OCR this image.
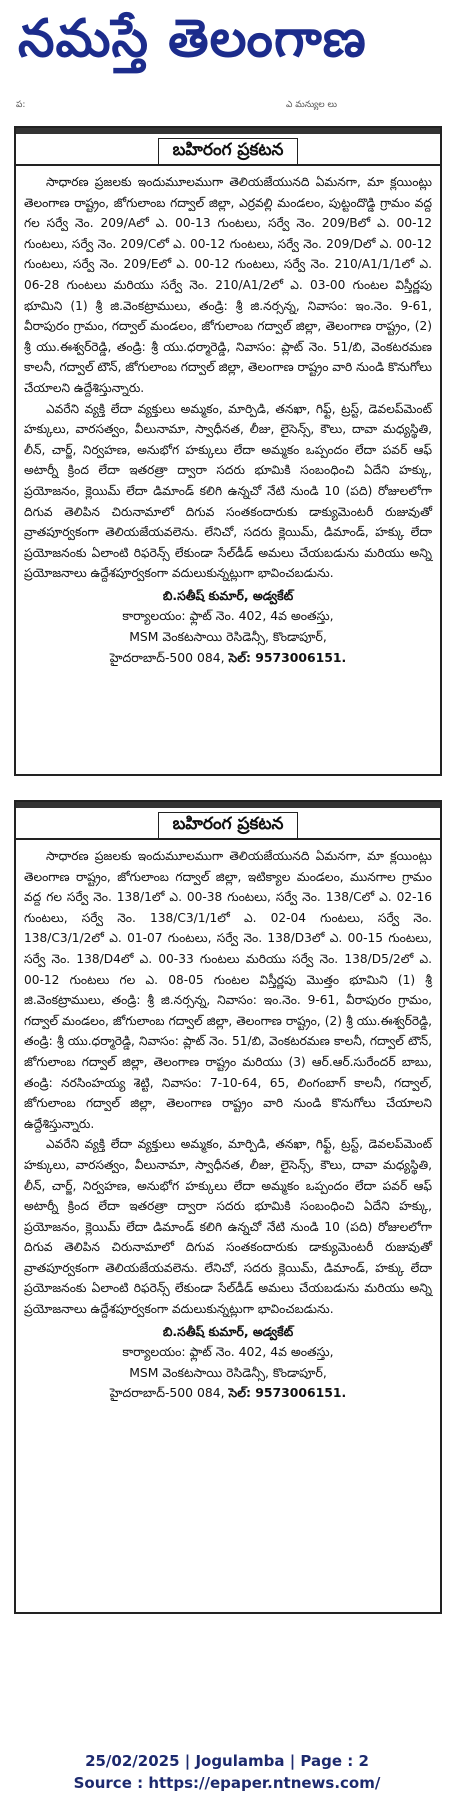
నమస్తే తెలంగాణ
ప:	ఎ మన్యుల లు
బహిరంగ ప్రకటన

సాధారణ ప్రజలకు ఇందుమూలముగా తెలియజేయునది ఏమనగా, మా క్లయింట్లు తెలంగాణ రాష్ట్రం, జోగులాంబ గద్వాల్ జిల్లా, ఎర్రవల్లి మండలం, పుట్టందొడ్డి గ్రామం వద్ద గల సర్వే నెం. 209/Aలో ఎ. 00-13 గుంటలు, సర్వే నెం. 209/Bలో ఎ. 00-12 గుంటలు, సర్వే నెం. 209/Cలో ఎ. 00-12 గుంటలు, సర్వే నెం. 209/Dలో ఎ. 00-12 గుంటలు, సర్వే నెం. 209/Eలో ఎ. 00-12 గుంటలు, సర్వే నెం. 210/A1/1/1లో ఎ. 06-28 గుంటలు మరియు సర్వే నెం. 210/A1/2లో ఎ. 03-00 గుంటల విస్తీర్ణపు భూమిని (1) శ్రీ జి.వెంకట్రాములు, తండ్రి: శ్రీ జి.నర్సన్న, నివాసం: ఇం.నెం. 9-61, వీరాపురం గ్రామం, గద్వాల్ మండలం, జోగులాంబ గద్వాల్ జిల్లా, తెలంగాణ రాష్ట్రం, (2) శ్రీ యు.ఈశ్వర్‌రెడ్డి, తండ్రి: శ్రీ యు.ధర్మారెడ్డి, నివాసం: ప్లాట్ నెం. 51/బి, వెంకటరమణ కాలనీ, గద్వాల్ టౌన్, జోగులాంబ గద్వాల్ జిల్లా, తెలంగాణ రాష్ట్రం వారి నుండి కొనుగోలు చేయాలని ఉద్దేశిస్తున్నారు.

ఎవరేని వ్యక్తి లేదా వ్యక్తులు అమ్మకం, మార్పిడి, తనఖా, గిఫ్ట్, ట్రస్ట్, డెవలప్‌మెంట్ హక్కులు, వారసత్వం, వీలునామా, స్వాధీనత, లీజు, లైసెన్స్, కౌలు, దావా మధ్యస్థితి, లీన్, చార్జ్, నిర్వహణ, అనుభోగ హక్కులు లేదా అమ్మకం ఒప్పందం లేదా పవర్ ఆఫ్ అటార్నీ క్రింద లేదా ఇతరత్రా ద్వారా సదరు భూమికి సంబంధించి ఏదేని హక్కు, ప్రయోజనం, క్లెయిమ్ లేదా డిమాండ్ కలిగి ఉన్నచో నేటి నుండి 10 (పది) రోజులలోగా దిగువ తెలిపిన చిరునామాలో దిగువ సంతకందారుకు డాక్యుమెంటరీ రుజువుతో వ్రాతపూర్వకంగా తెలియజేయవలెను. లేనిచో, సదరు క్లెయిమ్, డిమాండ్, హక్కు లేదా ప్రయోజనంకు ఏలాంటి రిఫరెన్స్ లేకుండా సేల్‌డీడ్ అమలు చేయబడును మరియు అన్ని ప్రయోజనాలు ఉద్దేశపూర్వకంగా వదులుకున్నట్లుగా భావించబడును.

బి.సతీష్ కుమార్, అడ్వకేట్
కార్యాలయం: ఫ్లాట్ నెం. 402, 4వ అంతస్తు,
MSM వెంకటసాయి రెసిడెన్సీ, కొండాపూర్,
హైదరాబాద్-500 084, సెల్: 9573006151.
బహిరంగ ప్రకటన

సాధారణ ప్రజలకు ఇందుమూలముగా తెలియజేయునది ఏమనగా, మా క్లయింట్లు తెలంగాణ రాష్ట్రం, జోగులాంబ గద్వాల్ జిల్లా, ఇటిక్యాల మండలం, మునగాల గ్రామం వద్ద గల సర్వే నెం. 138/1లో ఎ. 00-38 గుంటలు, సర్వే నెం. 138/Cలో ఎ. 02-16 గుంటలు, సర్వే నెం. 138/C3/1/1లో ఎ. 02-04 గుంటలు, సర్వే నెం. 138/C3/1/2లో ఎ. 01-07 గుంటలు, సర్వే నెం. 138/D3లో ఎ. 00-15 గుంటలు, సర్వే నెం. 138/D4లో ఎ. 00-33 గుంటలు మరియు సర్వే నెం. 138/D5/2లో ఎ. 00-12 గుంటలు గల ఎ. 08-05 గుంటల విస్తీర్ణపు మొత్తం భూమిని (1) శ్రీ జి.వెంకట్రాములు, తండ్రి: శ్రీ జి.నర్సన్న, నివాసం: ఇం.నెం. 9-61, వీరాపురం గ్రామం, గద్వాల్ మండలం, జోగులాంబ గద్వాల్ జిల్లా, తెలంగాణ రాష్ట్రం, (2) శ్రీ యు.ఈశ్వర్‌రెడ్డి, తండ్రి: శ్రీ యు.ధర్మారెడ్డి, నివాసం: ప్లాట్ నెం. 51/బి, వెంకటరమణ కాలనీ, గద్వాల్ టౌన్, జోగులాంబ గద్వాల్ జిల్లా, తెలంగాణ రాష్ట్రం మరియు (3) ఆర్.ఆర్.సురేందర్ బాబు, తండ్రి: నరసింహయ్య శెట్టి, నివాసం: 7-10-64, 65, లింగంబాగ్ కాలనీ, గద్వాల్, జోగులాంబ గద్వాల్ జిల్లా, తెలంగాణ రాష్ట్రం వారి నుండి కొనుగోలు చేయాలని ఉద్దేశిస్తున్నారు.

ఎవరేని వ్యక్తి లేదా వ్యక్తులు అమ్మకం, మార్పిడి, తనఖా, గిఫ్ట్, ట్రస్ట్, డెవలప్‌మెంట్ హక్కులు, వారసత్వం, వీలునామా, స్వాధీనత, లీజు, లైసెన్స్, కౌలు, దావా మధ్యస్థితి, లీన్, చార్జ్, నిర్వహణ, అనుభోగ హక్కులు లేదా అమ్మకం ఒప్పందం లేదా పవర్ ఆఫ్ అటార్నీ క్రింద లేదా ఇతరత్రా ద్వారా సదరు భూమికి సంబంధించి ఏదేని హక్కు, ప్రయోజనం, క్లెయిమ్ లేదా డిమాండ్ కలిగి ఉన్నచో నేటి నుండి 10 (పది) రోజులలోగా దిగువ తెలిపిన చిరునామాలో దిగువ సంతకందారుకు డాక్యుమెంటరీ రుజువుతో వ్రాతపూర్వకంగా తెలియజేయవలెను. లేనిచో, సదరు క్లెయిమ్, డిమాండ్, హక్కు లేదా ప్రయోజనంకు ఏలాంటి రిఫరెన్స్ లేకుండా సేల్‌డీడ్ అమలు చేయబడును మరియు అన్ని ప్రయోజనాలు ఉద్దేశపూర్వకంగా వదులుకున్నట్లుగా భావించబడును.

బి.సతీష్ కుమార్, అడ్వకేట్
కార్యాలయం: ఫ్లాట్ నెం. 402, 4వ అంతస్తు,
MSM వెంకటసాయి రెసిడెన్సీ, కొండాపూర్,
హైదరాబాద్-500 084, సెల్: 9573006151.
25/02/2025 | Jogulamba | Page : 2
Source : https://epaper.ntnews.com/
